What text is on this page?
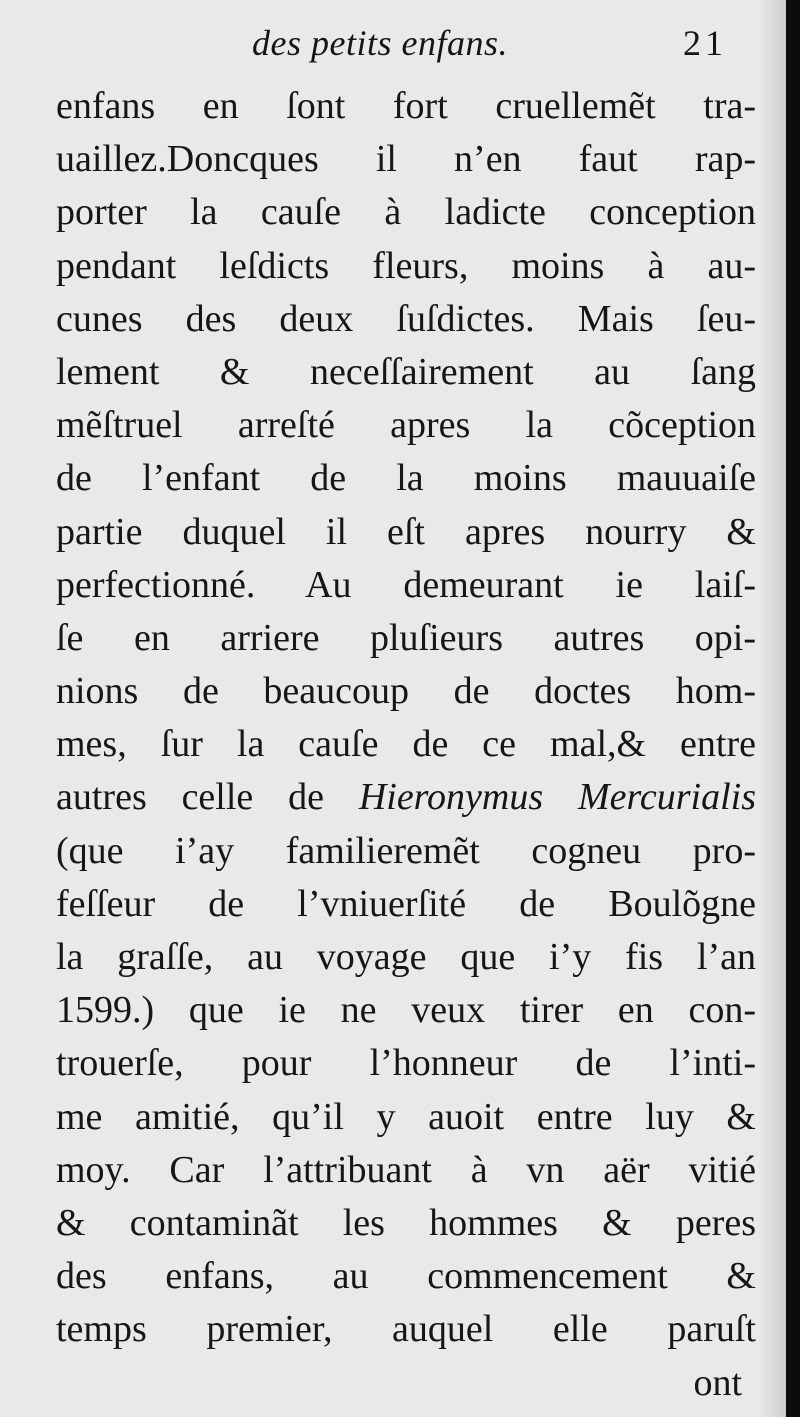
des petits enfans.	21
enfans en ſont fort cruellemẽt tra-
uaillez.Doncques il n’en faut rap-
porter la cauſe à ladicte conception
pendant leſdicts fleurs, moins à au-
cunes des deux ſuſdictes. Mais ſeu-
lement & neceſſairement au ſang
mẽſtruel arreſté apres la cõception
de l’enfant de la moins mauuaiſe
partie duquel il eſt apres nourry &
perfectionné. Au demeurant ie laiſ-
ſe en arriere pluſieurs autres opi-
nions de beaucoup de doctes hom-
mes, ſur la cauſe de ce mal,& entre
autres celle de Hieronymus Mercurialis
(que i’ay familieremẽt cogneu pro-
feſſeur de l’vniuerſité de Boulõgne
la graſſe, au voyage que i’y fis l’an
1599.) que ie ne veux tirer en con-
trouerſe, pour l’honneur de l’inti-
me amitié, qu’il y auoit entre luy &
moy. Car l’attribuant à vn aër vitié
& contaminãt les hommes & peres
des enfans, au commencement &
temps premier, auquel elle paruſt
ont
